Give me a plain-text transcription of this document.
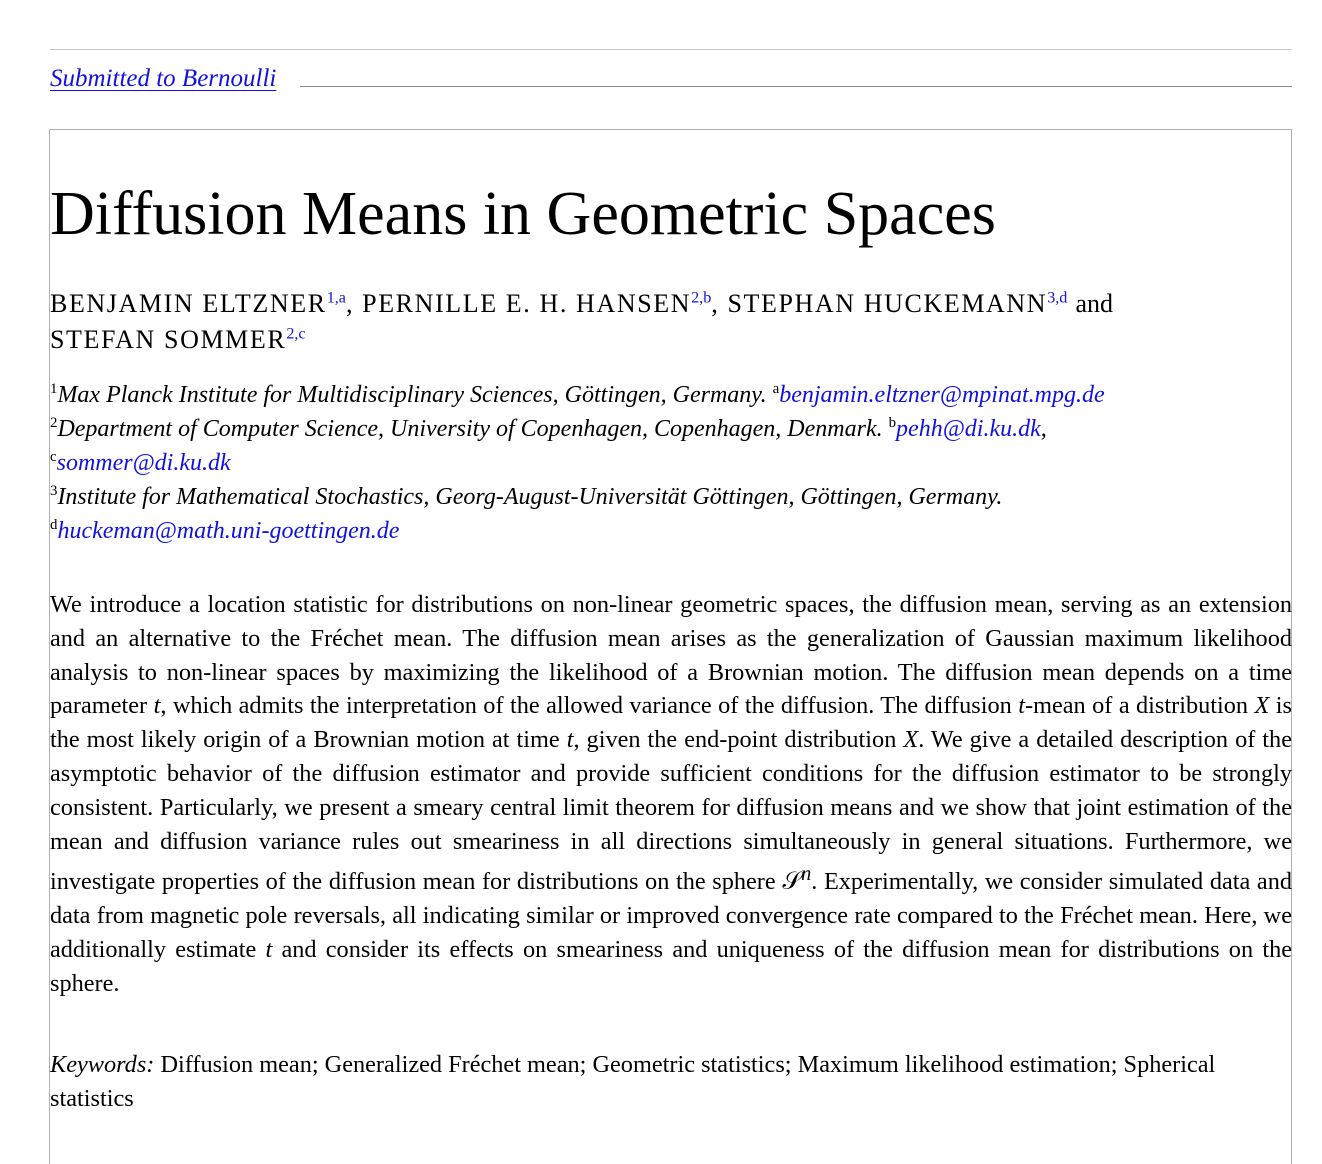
Submitted to Bernoulli
Diffusion Means in Geometric Spaces
BENJAMIN ELTZNER$^{1,a}$, PERNILLE E. H. HANSEN$^{2,b}$, STEPHAN HUCKEMANN$^{3,d}$ and STEFAN SOMMER$^{2,c}$
$^1$Max Planck Institute for Multidisciplinary Sciences, Göttingen, Germany. $^a$benjamin.eltzner@mpinat.mpg.de
$^2$Department of Computer Science, University of Copenhagen, Copenhagen, Denmark. $^b$pehh@di.ku.dk,
$^c$sommer@di.ku.dk
$^3$Institute for Mathematical Stochastics, Georg-August-Universität Göttingen, Göttingen, Germany.
$^d$huckeman@math.uni-goettingen.de

We introduce a location statistic for distributions on non-linear geometric spaces, the diffusion mean, serving as an extension and an alternative to the Fréchet mean. The diffusion mean arises as the generalization of Gaussian maximum likelihood analysis to non-linear spaces by maximizing the likelihood of a Brownian motion. The diffusion mean depends on a time parameter t, which admits the interpretation of the allowed variance of the diffusion. The diffusion t-mean of a distribution X is the most likely origin of a Brownian motion at time t, given the end-point distribution X. We give a detailed description of the asymptotic behavior of the diffusion estimator and provide sufficient conditions for the diffusion estimator to be strongly consistent. Particularly, we present a smeary central limit theorem for diffusion means and we show that joint estimation of the mean and diffusion variance rules out smeariness in all directions simultaneously in general situations. Furthermore, we investigate properties of the diffusion mean for distributions on the sphere 𝒮$^n$. Experimentally, we consider simulated data and data from magnetic pole reversals, all indicating similar or improved convergence rate compared to the Fréchet mean. Here, we additionally estimate t and consider its effects on smeariness and uniqueness of the diffusion mean for distributions on the sphere.

Keywords: Diffusion mean; Generalized Fréchet mean; Geometric statistics; Maximum likelihood estimation; Spherical statistics
